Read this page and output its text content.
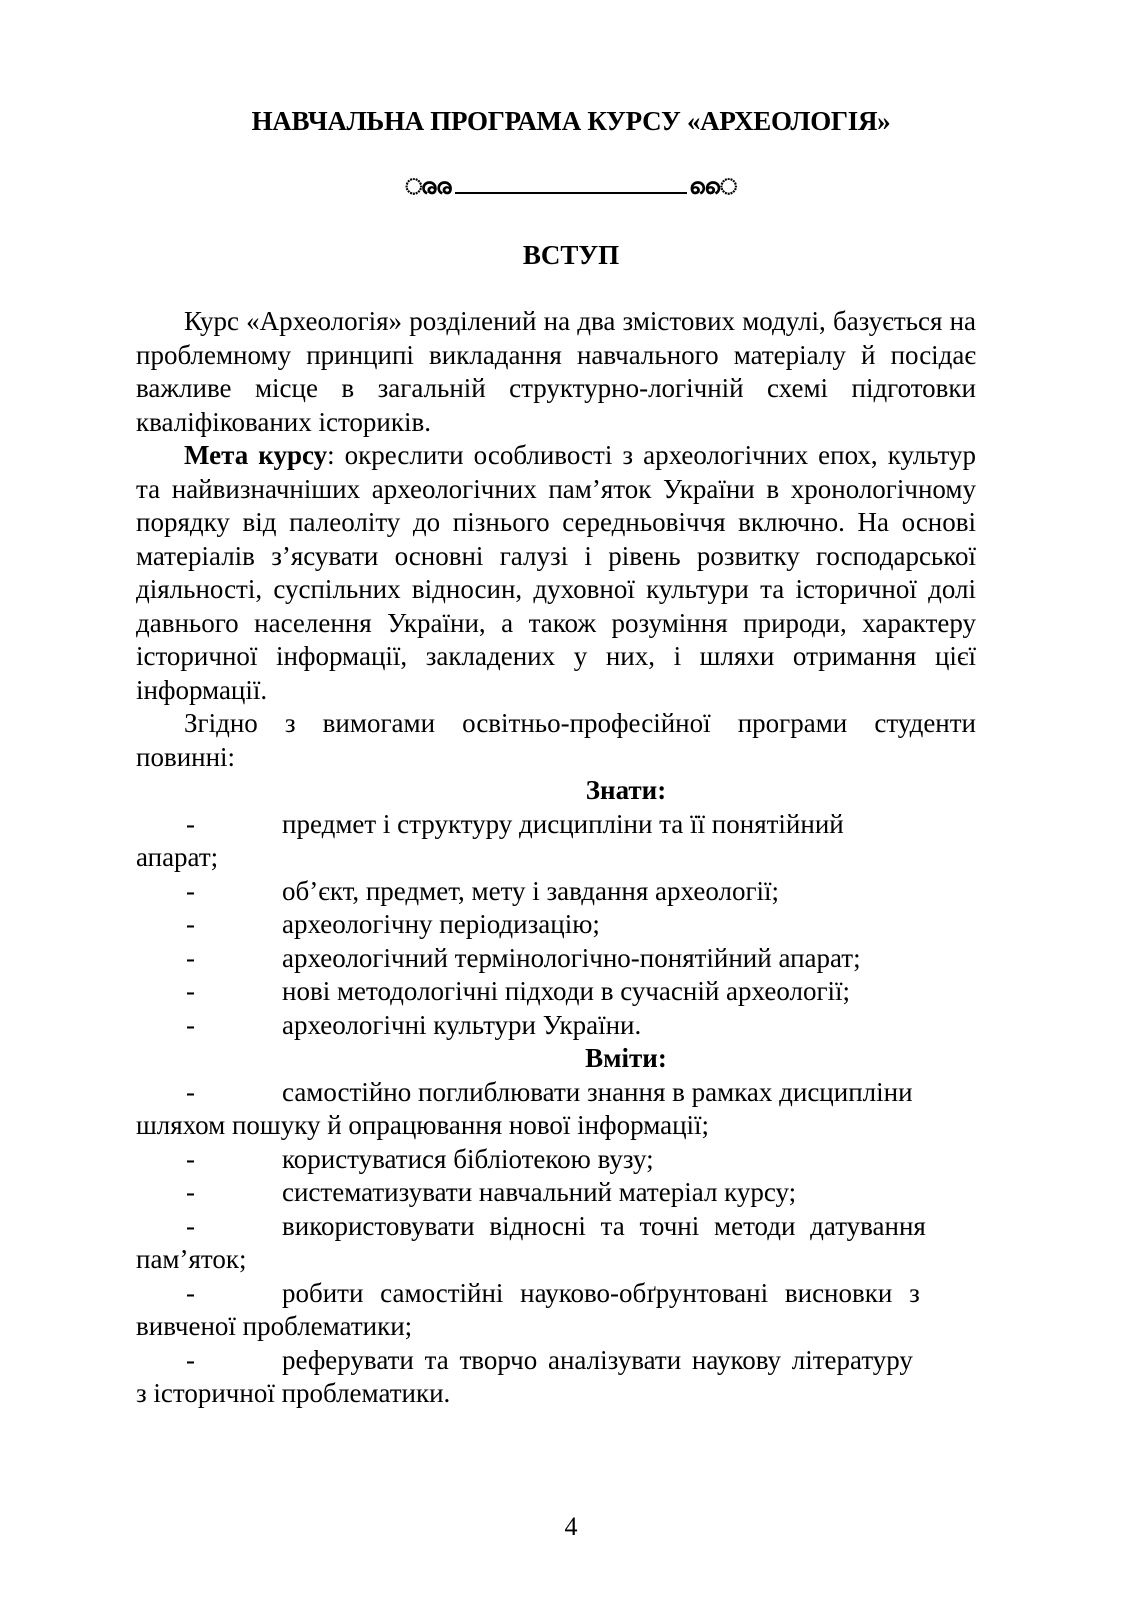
НАВЧАЛЬНА ПРОГРАМА КУРСУ «АРХЕОЛОГІЯ»
ൈ	ൈ
ВСТУП

Курс «Археологія» розділений на два змістових модулі, базується на проблемному принципі викладання навчального матеріалу й посідає важливе місце в загальній структурно-логічній схемі підготовки кваліфікованих істориків.

Мета курсу: окреслити особливості з археологічних епох, культур та найвизначніших археологічних пам’яток України в хронологічному порядку від палеоліту до пізнього середньовіччя включно. На основі матеріалів з’ясувати основні галузі і рівень розвитку господарської діяльності, суспільних відносин, духовної культури та історичної долі давнього населення України, а також розуміння природи, характеру історичної інформації, закладених у них, і шляхи отримання цієї інформації.

Згідно з вимогами освітньо-професійної програми студенти повинні:

Знати:

-	предмет і структуру дисципліни та її понятійний

апарат;

-	об’єкт, предмет, мету і завдання археології;

-	археологічну періодизацію;

-	археологічний термінологічно-понятійний апарат;

-	нові методологічні підходи в сучасній археології;

-	археологічні культури України.

Вміти:

-	самостійно поглиблювати знання в рамках дисципліни

шляхом пошуку й опрацювання нової інформації;

-	користуватися бібліотекою вузу;

-	систематизувати навчальний матеріал курсу;

-	використовувати відносні та точні методи датування

пам’яток;

-	робити самостійні науково-обґрунтовані висновки з

вивченої проблематики;

-	реферувати та творчо аналізувати наукову літературу

з історичної проблематики.

4
